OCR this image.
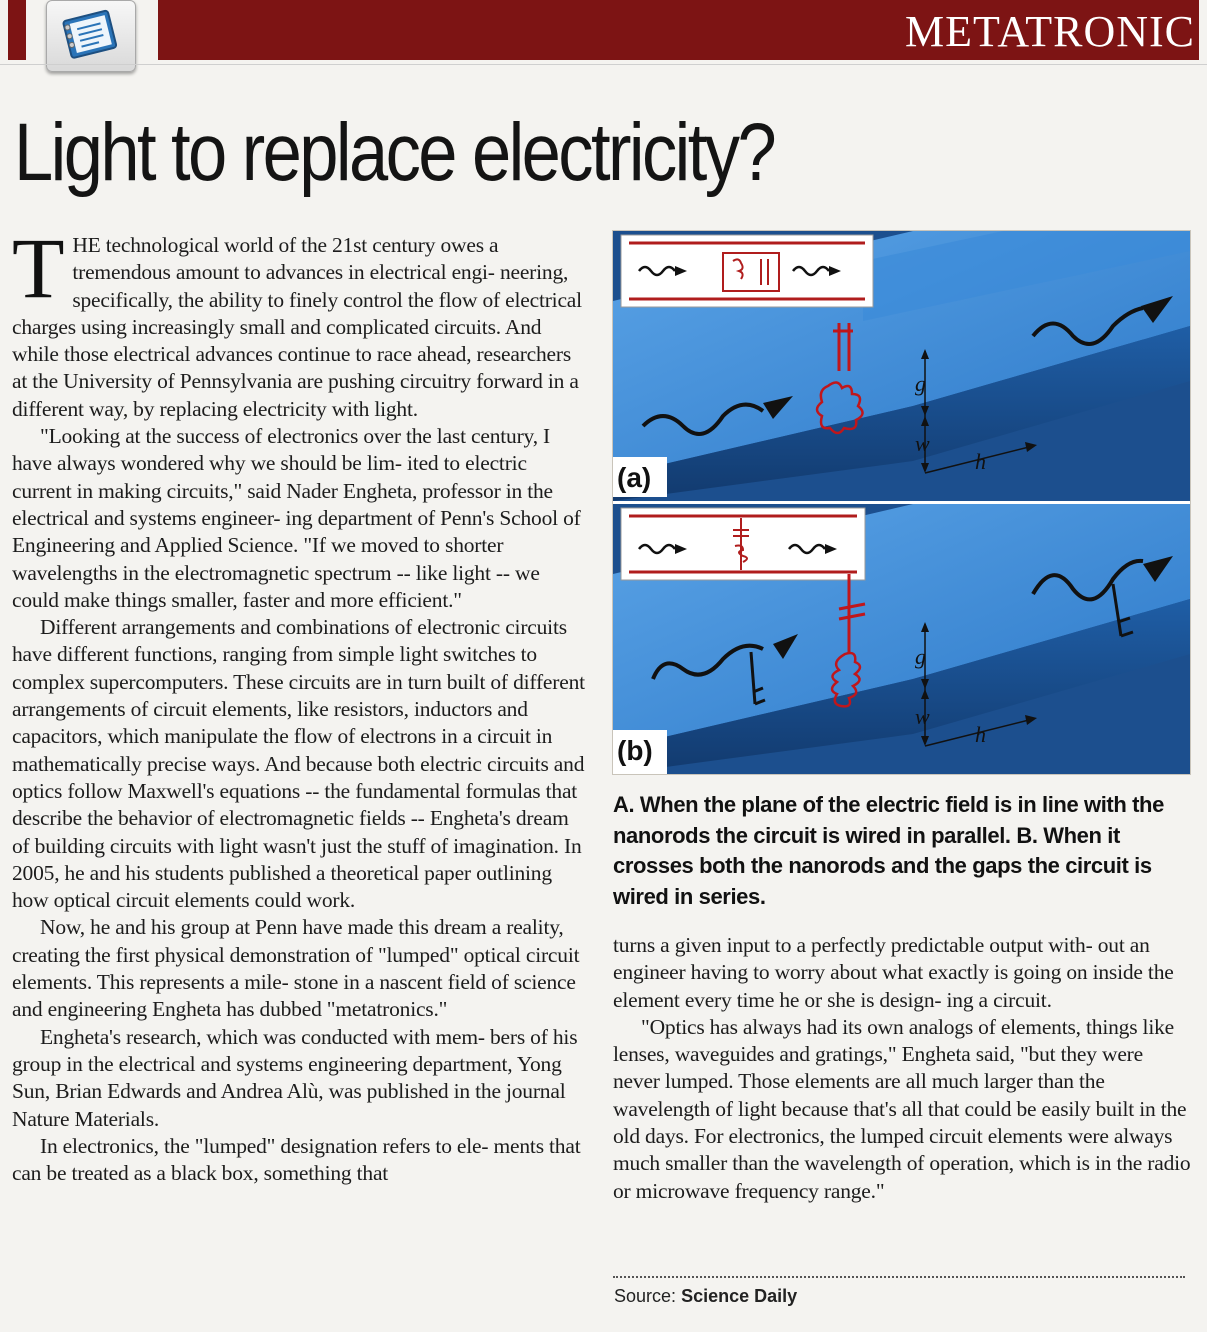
METATRONIC
Light to replace electricity?

THE technological world of the 21st century owes a tremendous amount to advances in electrical engi- neering, specifically, the ability to finely control the flow of electrical charges using increasingly small and complicated circuits. And while those electrical advances continue to race ahead, researchers at the University of Pennsylvania are pushing circuitry forward in a different way, by replacing electricity with light.

"Looking at the success of electronics over the last century, I have always wondered why we should be lim- ited to electric current in making circuits," said Nader Engheta, professor in the electrical and systems engineer- ing department of Penn's School of Engineering and Applied Science. "If we moved to shorter wavelengths in the electromagnetic spectrum -- like light -- we could make things smaller, faster and more efficient."

Different arrangements and combinations of electronic circuits have different functions, ranging from simple light switches to complex supercomputers. These circuits are in turn built of different arrangements of circuit elements, like resistors, inductors and capacitors, which manipulate the flow of electrons in a circuit in mathematically precise ways. And because both electric circuits and optics follow Maxwell's equations -- the fundamental formulas that describe the behavior of electromagnetic fields -- Engheta's dream of building circuits with light wasn't just the stuff of imagination. In 2005, he and his students published a theoretical paper outlining how optical circuit elements could work.

Now, he and his group at Penn have made this dream a reality, creating the first physical demonstration of "lumped" optical circuit elements. This represents a mile- stone in a nascent field of science and engineering Engheta has dubbed "metatronics."

Engheta's research, which was conducted with mem- bers of his group in the electrical and systems engineering department, Yong Sun, Brian Edwards and Andrea Alù, was published in the journal Nature Materials.

In electronics, the "lumped" designation refers to ele- ments that can be treated as a black box, something that

g
w
h
(a)
g
w
h
(b)
A. When the plane of the electric field is in line with the nanorods the circuit is wired in parallel. B. When it crosses both the nanorods and the gaps the circuit is wired in series.

turns a given input to a perfectly predictable output with- out an engineer having to worry about what exactly is going on inside the element every time he or she is design- ing a circuit.

"Optics has always had its own analogs of elements, things like lenses, waveguides and gratings," Engheta said, "but they were never lumped. Those elements are all much larger than the wavelength of light because that's all that could be easily built in the old days. For electronics, the lumped circuit elements were always much smaller than the wavelength of operation, which is in the radio or microwave frequency range."

Source: Science Daily
